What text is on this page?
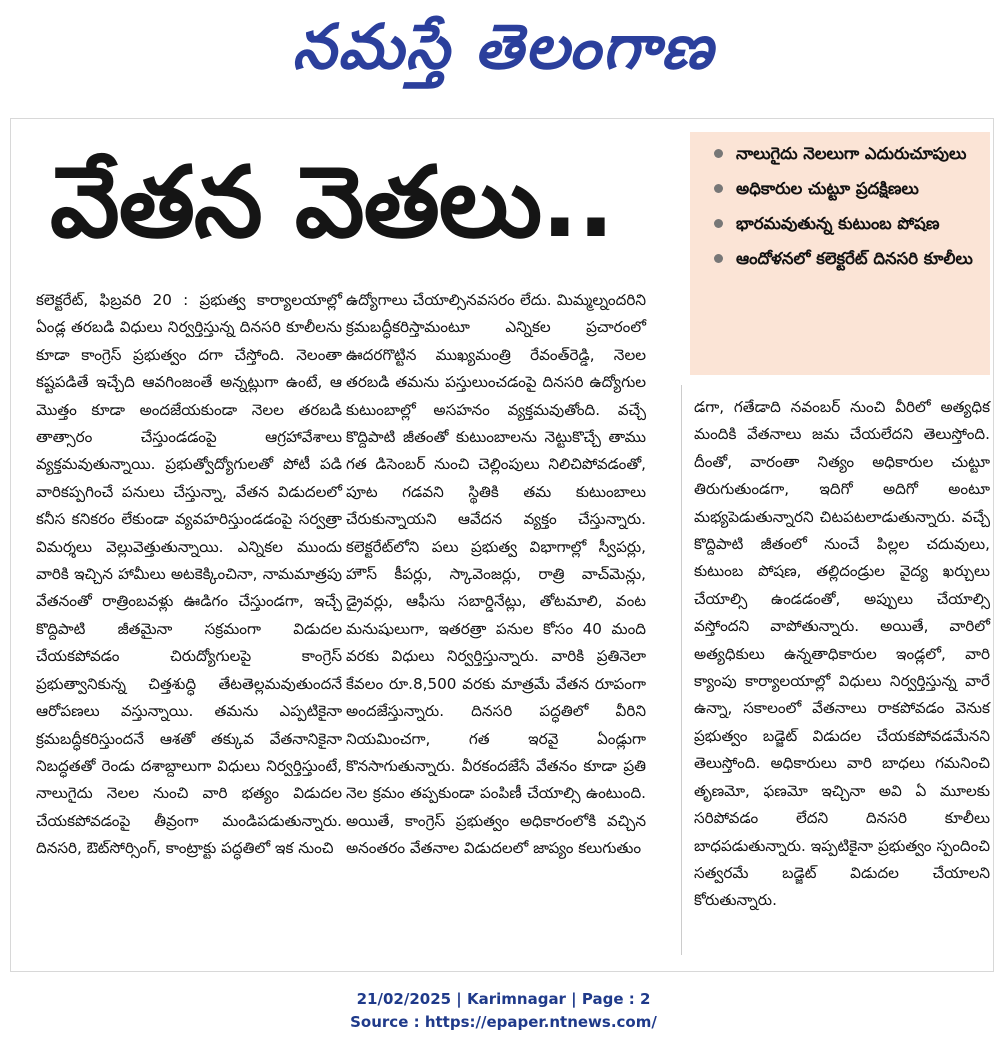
నమస్తే తెలంగాణ
వేతన వెతలు..	నాలుగైదు నెలలుగా ఎదురుచూపులు
అధికారుల చుట్టూ ప్రదక్షిణలు
భారమవుతున్న కుటుంబ పోషణ
ఆందోళనలో కలెక్టరేట్ దినసరి కూలీలు

కలెక్టరేట్, ఫిబ్రవరి 20 : ప్రభుత్వ కార్యాలయాల్లో ఏండ్ల తరబడి విధులు నిర్వర్తిస్తున్న దినసరి కూలీలను కూడా కాంగ్రెస్ ప్రభుత్వం దగా చేస్తోంది. నెలంతా కష్టపడితే ఇచ్చేది ఆవగింజంతే అన్నట్లుగా ఉంటే, ఆ మొత్తం కూడా అందజేయకుండా నెలల తరబడి తాత్సారం చేస్తుండడంపై ఆగ్రహావేశాలు వ్యక్తమవుతున్నాయి. ప్రభుత్వోద్యోగులతో పోటీ పడి వారికప్పగించే పనులు చేస్తున్నా, వేతన విడుదలలో కనీస కనికరం లేకుండా వ్యవహరిస్తుండడంపై సర్వత్రా విమర్శలు వెల్లువెత్తుతున్నాయి. ఎన్నికల ముందు వారికి ఇచ్చిన హామీలు అటకెక్కించినా, నామమాత్రపు వేతనంతో రాత్రింబవళ్లు ఊడిగం చేస్తుండగా, ఇచ్చే కొద్దిపాటి జీతమైనా సక్రమంగా విడుదల చేయకపోవడం చిరుద్యోగులపై కాంగ్రెస్ ప్రభుత్వానికున్న చిత్తశుద్ధి తేటతెల్లమవుతుందనే ఆరోపణలు వస్తున్నాయి. తమను ఎప్పటికైనా క్రమబద్ధీకరిస్తుందనే ఆశతో తక్కువ వేతనానికైనా నిబద్ధతతో రెండు దశాబ్దాలుగా విధులు నిర్వర్తిస్తుంటే, నాలుగైదు నెలల నుంచి వారి భత్యం విడుదల చేయకపోవడంపై తీవ్రంగా మండిపడుతున్నారు. దినసరి, ఔట్‌సోర్సింగ్, కాంట్రాక్టు పద్ధతిలో ఇక నుంచి

ఉద్యోగాలు చేయాల్సినవసరం లేదు. మిమ్మల్నందరిని క్రమబద్ధీకరిస్తామంటూ ఎన్నికల ప్రచారంలో ఊదరగొట్టిన ముఖ్యమంత్రి రేవంత్‌రెడ్డి, నెలల తరబడి తమను పస్తులుంచడంపై దినసరి ఉద్యోగుల కుటుంబాల్లో అసహనం వ్యక్తమవుతోంది. వచ్చే కొద్దిపాటి జీతంతో కుటుంబాలను నెట్టుకొచ్చే తాము గత డిసెంబర్ నుంచి చెల్లింపులు నిలిచిపోవడంతో, పూట గడవని స్థితికి తమ కుటుంబాలు చేరుకున్నాయని ఆవేదన వ్యక్తం చేస్తున్నారు. కలెక్టరేట్‌లోని పలు ప్రభుత్వ విభాగాల్లో స్వీపర్లు, హౌస్ కీపర్లు, స్కావెంజర్లు, రాత్రి వాచ్‌మెన్లు, డ్రైవర్లు, ఆఫీసు సబార్డినేట్లు, తోటమాలి, వంట మనుషులుగా, ఇతరత్రా పనుల కోసం 40 మంది వరకు విధులు నిర్వర్తిస్తున్నారు. వారికి ప్రతినెలా కేవలం రూ.8,500 వరకు మాత్రమే వేతన రూపంగా అందజేస్తున్నారు. దినసరి పద్ధతిలో వీరిని నియమించగా, గత ఇరవై ఏండ్లుగా కొనసాగుతున్నారు. వీరకందజేసే వేతనం కూడా ప్రతి నెల క్రమం తప్పకుండా పంపిణీ చేయాల్సి ఉంటుంది. అయితే, కాంగ్రెస్ ప్రభుత్వం అధికారంలోకి వచ్చిన అనంతరం వేతనాల విడుదలలో జాప్యం కలుగుతుం

డగా, గతేడాది నవంబర్ నుంచి వీరిలో అత్యధిక మందికి వేతనాలు జమ చేయలేదని తెలుస్తోంది. దీంతో, వారంతా నిత్యం అధికారుల చుట్టూ తిరుగుతుండగా, ఇదిగో అదిగో అంటూ మభ్యపెడుతున్నారని చిటపటలాడుతున్నారు. వచ్చే కొద్దిపాటి జీతంలో నుంచే పిల్లల చదువులు, కుటుంబ పోషణ, తల్లిదండ్రుల వైద్య ఖర్చులు చేయాల్సి ఉండడంతో, అప్పులు చేయాల్సి వస్తోందని వాపోతున్నారు. అయితే, వారిలో అత్యధికులు ఉన్నతాధికారుల ఇండ్లలో, వారి క్యాంపు కార్యాలయాల్లో విధులు నిర్వర్తిస్తున్న వారే ఉన్నా, సకాలంలో వేతనాలు రాకపోవడం వెనుక ప్రభుత్వం బడ్జెట్ విడుదల చేయకపోవడమేనని తెలుస్తోంది. అధికారులు వారి బాధలు గమనించి తృణమో, ఫణమో ఇచ్చినా అవి ఏ మూలకు సరిపోవడం లేదని దినసరి కూలీలు బాధపడుతున్నారు. ఇప్పటికైనా ప్రభుత్వం స్పందించి సత్వరమే బడ్జెట్ విడుదల చేయాలని కోరుతున్నారు.

21/02/2025 | Karimnagar | Page : 2
Source : https://epaper.ntnews.com/
